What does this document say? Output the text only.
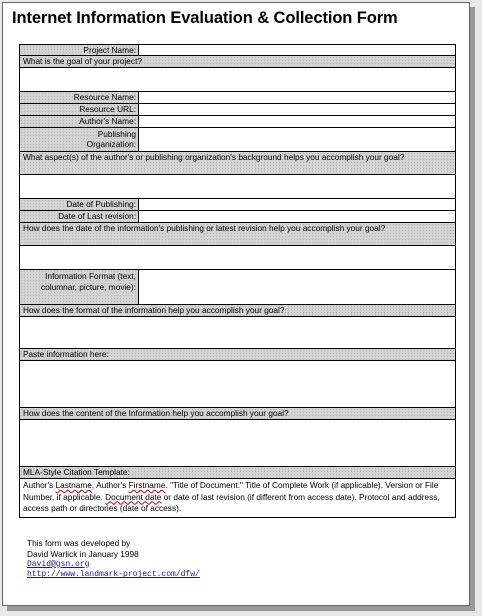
Internet Information Evaluation & Collection Form
Project Name:
What is the goal of your project?
Resource Name:
Resource URL:
Author's Name:
Publishing Organization:
What aspect(s) of the author's or publishing organization's background helps you accomplish your goal?
Date of Publishing:
Date of Last revision:
How does the date of the information's publishing or latest revision help you accomplish your goal?
Information Format (text, columnar, picture, movie):
How does the format of the information help you accomplish your goal?
Paste information here:
How does the content of the Information help you accomplish your goal?
MLA-Style Citation Template:
Author's Lastname, Author's Firstname. "Title of Document." Title of Complete Work (if applicable). Version or File Number, if applicable. Document date or date of last revision (if different from access date). Protocol and address, access path or directories (date of access).
This form was developed by
David Warlick in January 1998
David@gsn.org
http://www.landmark-project.com/dfw/
